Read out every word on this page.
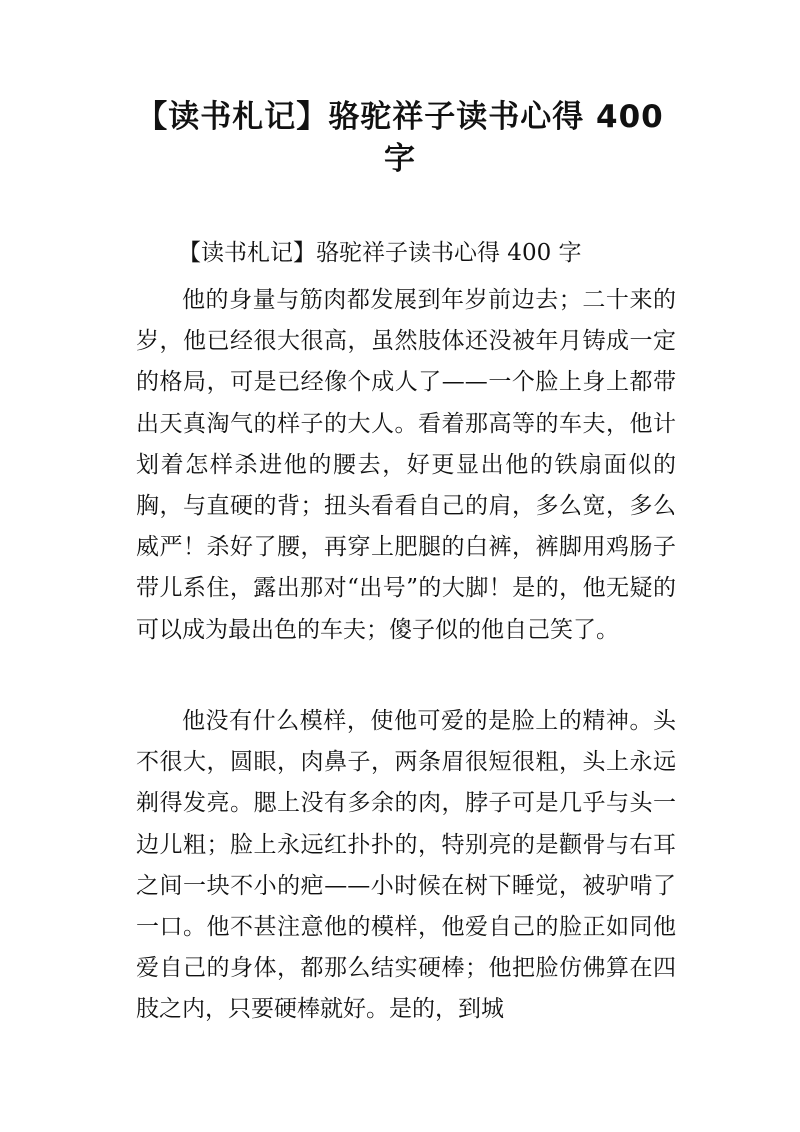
【读书札记】骆驼祥子读书心得 400 字

【读书札记】骆驼祥子读书心得 400 字

他的身量与筋肉都发展到年岁前边去；二十来的岁，他已经很大很高，虽然肢体还没被年月铸成一定的格局，可是已经像个成人了——一个脸上身上都带出天真淘气的样子的大人。看着那高等的车夫，他计划着怎样杀进他的腰去，好更显出他的铁扇面似的胸，与直硬的背；扭头看看自己的肩，多么宽，多么威严！杀好了腰，再穿上肥腿的白裤，裤脚用鸡肠子带儿系住，露出那对“出号”的大脚！是的，他无疑的可以成为最出色的车夫；傻子似的他自己笑了。

他没有什么模样，使他可爱的是脸上的精神。头不很大，圆眼，肉鼻子，两条眉很短很粗，头上永远剃得发亮。腮上没有多余的肉，脖子可是几乎与头一边儿粗；脸上永远红扑扑的，特别亮的是颧骨与右耳之间一块不小的疤——小时候在树下睡觉，被驴啃了一口。他不甚注意他的模样，他爱自己的脸正如同他爱自己的身体，都那么结实硬棒；他把脸仿佛算在四肢之内，只要硬棒就好。是的，到城
